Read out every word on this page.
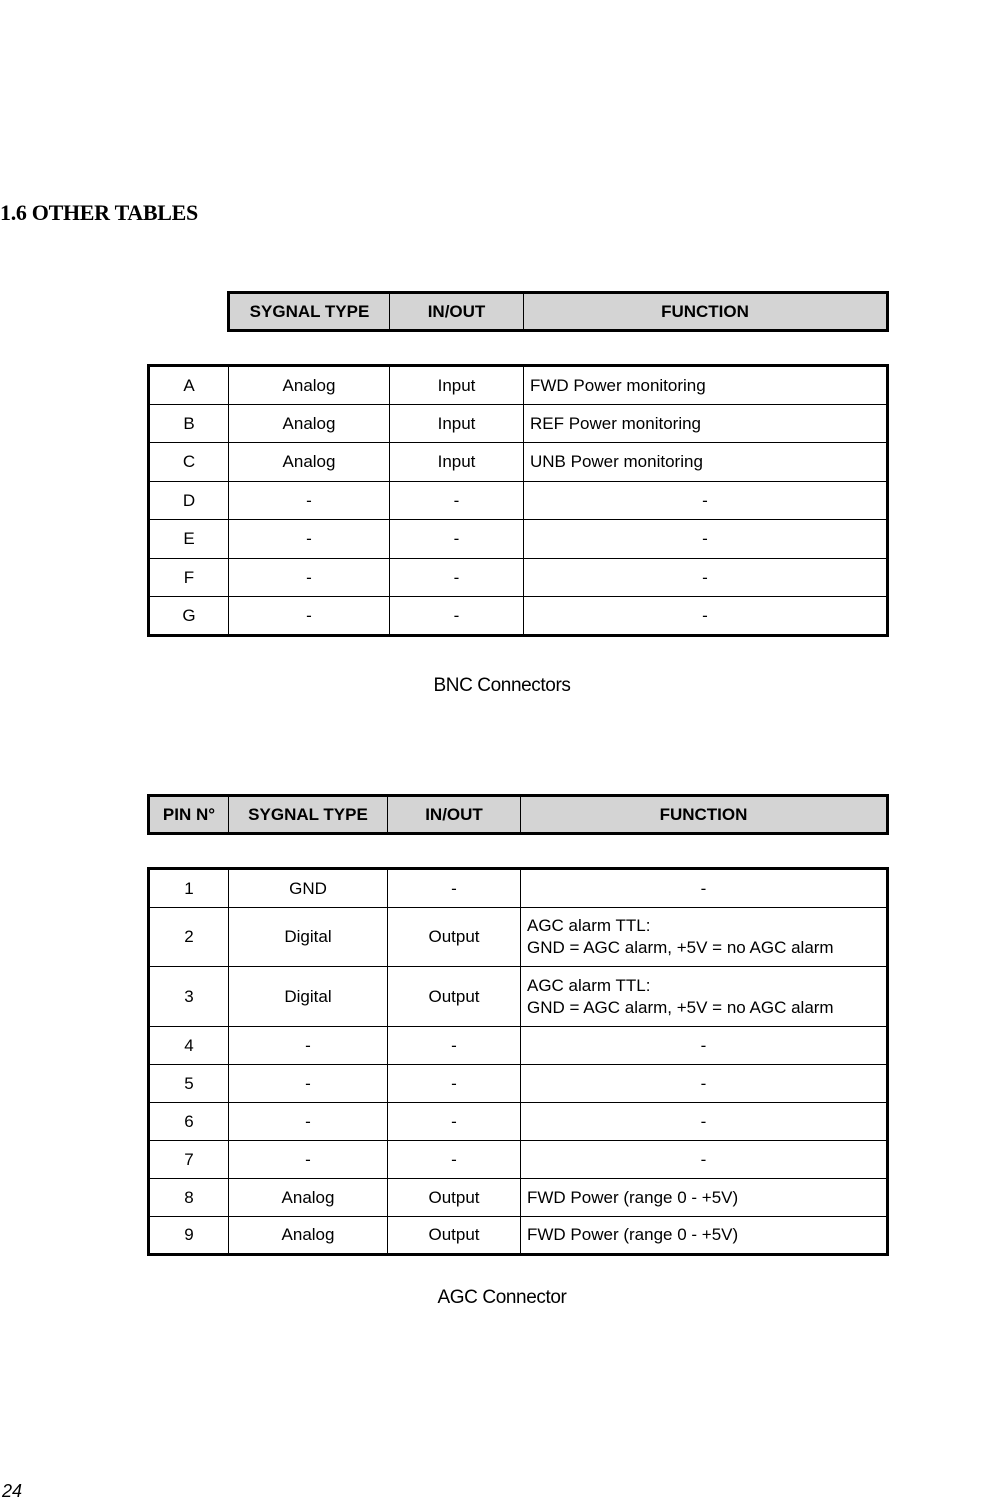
1.6 OTHER TABLES
SYGNAL TYPE	IN/OUT	FUNCTION
A	Analog	Input	FWD Power monitoring
B	Analog	Input	REF Power monitoring
C	Analog	Input	UNB Power monitoring
D	-	-	-
E	-	-	-
F	-	-	-
G	-	-	-
BNC Connectors
PIN N°	SYGNAL TYPE	IN/OUT	FUNCTION
1	GND	-	-
2	Digital	Output	AGC alarm TTL:
GND = AGC alarm, +5V = no AGC alarm

3	Digital	Output	AGC alarm TTL:
GND = AGC alarm, +5V = no AGC alarm

4	-	-	-
5	-	-	-
6	-	-	-
7	-	-	-
8	Analog	Output	FWD Power (range 0 - +5V)
9	Analog	Output	FWD Power (range 0 - +5V)
AGC Connector
24
